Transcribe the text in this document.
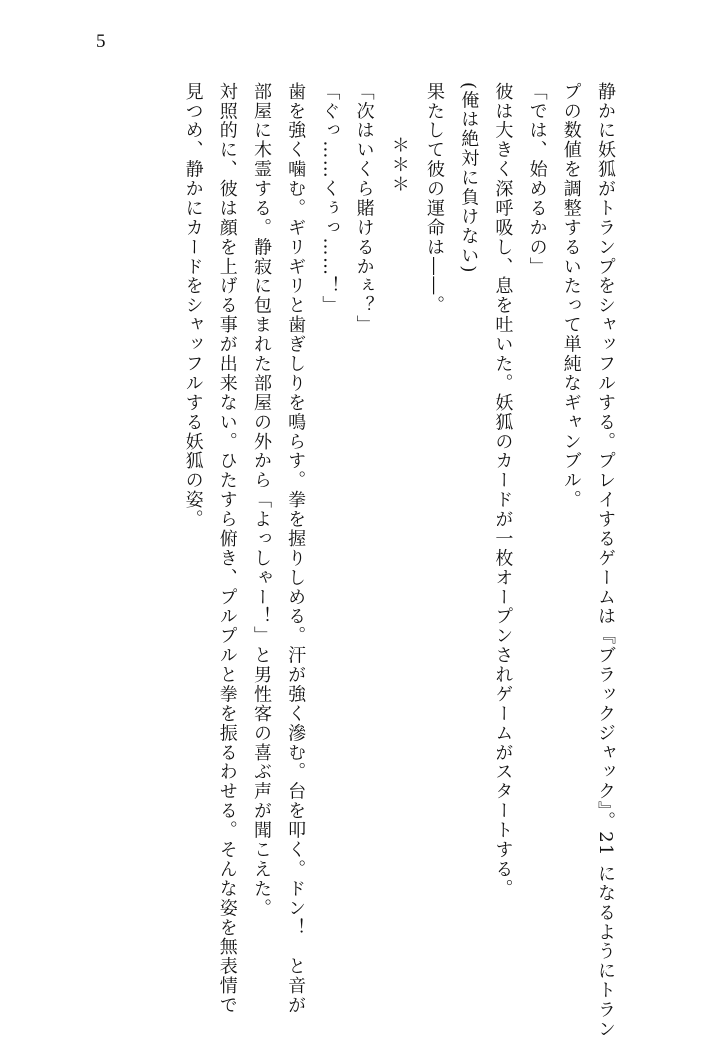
5
静かに妖狐がトランプをシャッフルする。プレイするゲームは『ブラックジャック』。21 になるようにトラン
プの数値を調整するいたって単純なギャンブル。
「では、始めるかの」
彼は大きく深呼吸し、息を吐いた。妖狐のカードが一枚オープンされゲームがスタートする。
(俺は絶対に負けない)
果たして彼の運命は――。
＊＊＊
「次はいくら賭けるかぇ？」
「ぐっ……くぅっ……！」
歯を強く噛む。ギリギリと歯ぎしりを鳴らす。拳を握りしめる。汗が強く滲む。台を叩く。ドン！　と音が
部屋に木霊する。静寂に包まれた部屋の外から「よっしゃー！」と男性客の喜ぶ声が聞こえた。
対照的に、彼は顔を上げる事が出来ない。ひたすら俯き、プルプルと拳を振るわせる。そんな姿を無表情で
見つめ、静かにカードをシャッフルする妖狐の姿。
